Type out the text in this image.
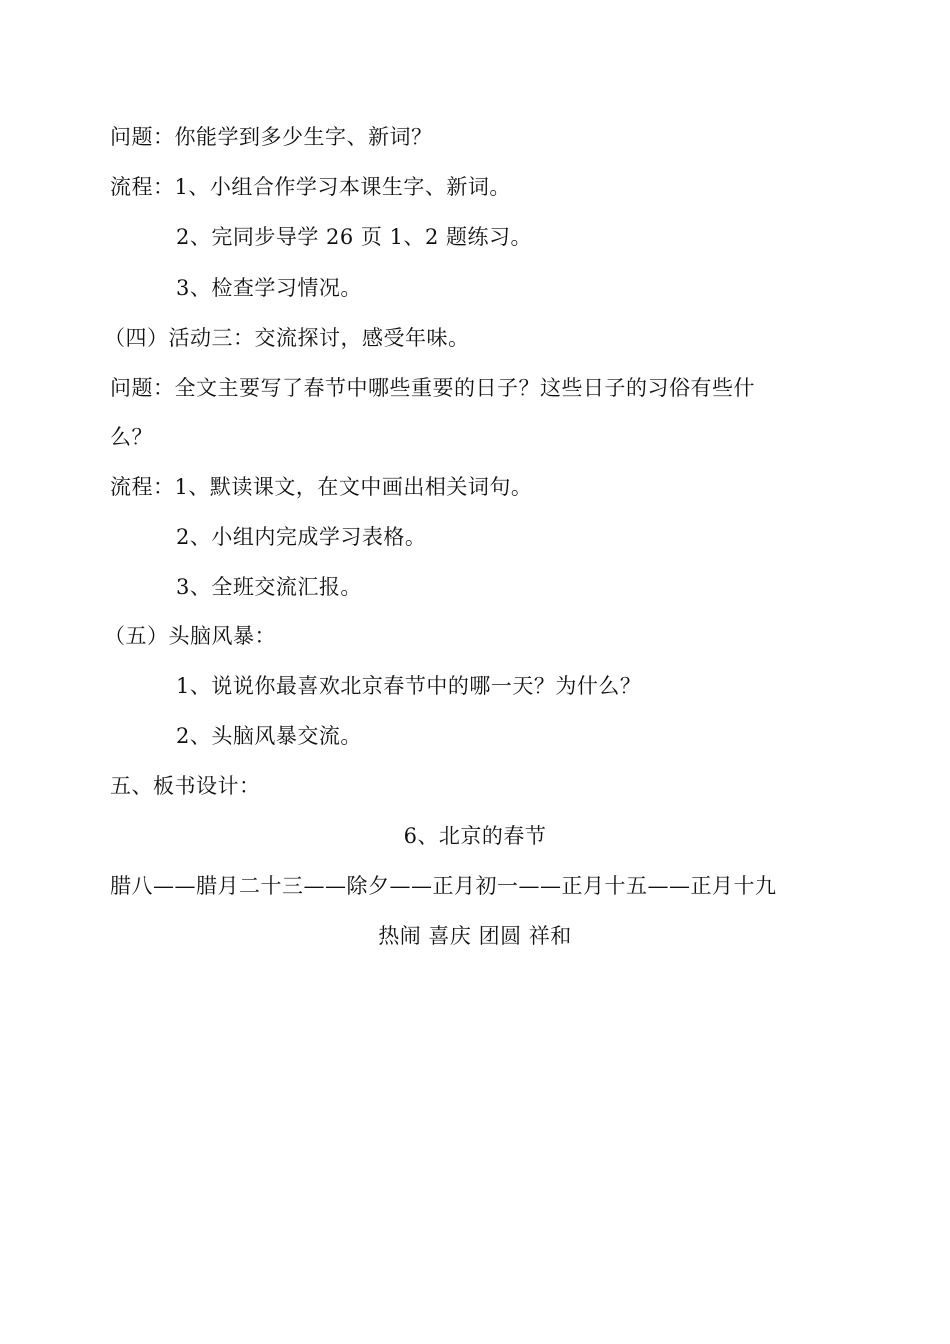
问题：你能学到多少生字、新词？
流程：1、小组合作学习本课生字、新词。
2、完同步导学 26 页 1、2 题练习。
3、检查学习情况。
（四）活动三：交流探讨，感受年味。
问题：全文主要写了春节中哪些重要的日子？这些日子的习俗有些什
么？
流程：1、默读课文，在文中画出相关词句。
2、小组内完成学习表格。
3、全班交流汇报。
（五）头脑风暴：
1、说说你最喜欢北京春节中的哪一天？为什么？
2、头脑风暴交流。
五、板书设计：
6、北京的春节
腊八——腊月二十三——除夕——正月初一——正月十五——正月十九
热闹 喜庆 团圆 祥和
